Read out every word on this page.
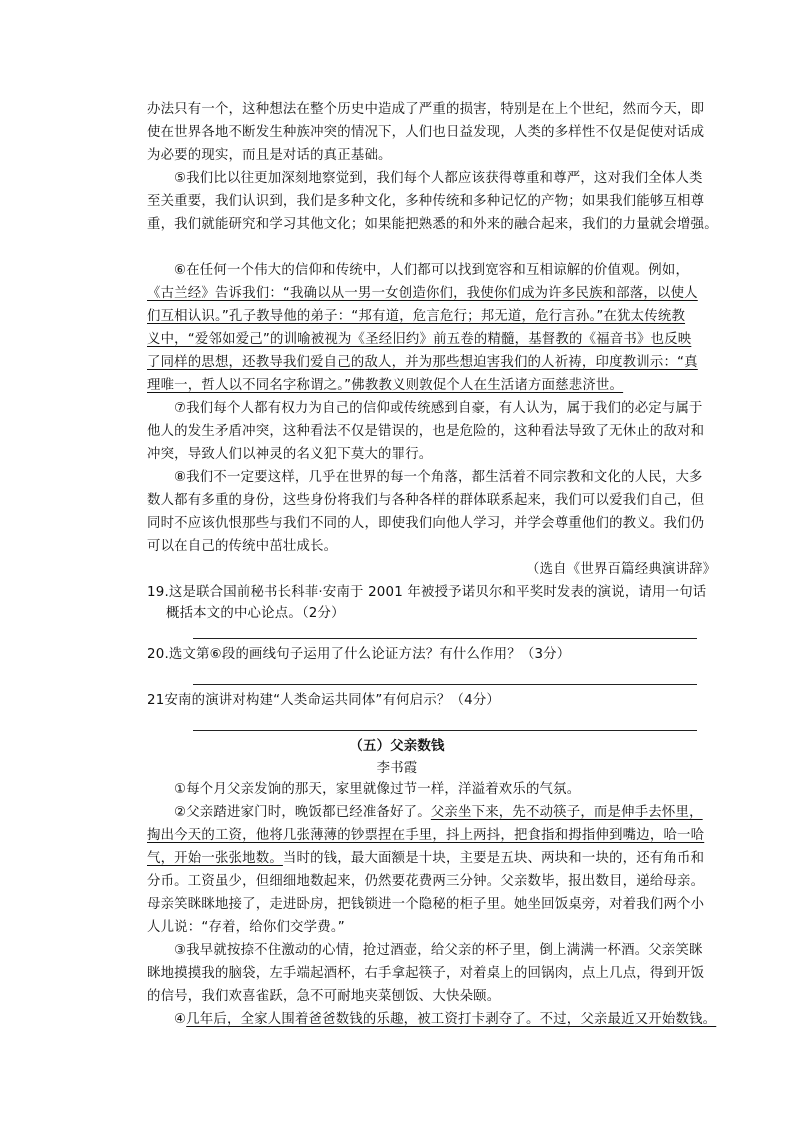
办法只有一个，这种想法在整个历史中造成了严重的损害，特别是在上个世纪，然而今天，即
使在世界各地不断发生种族冲突的情况下，人们也日益发现，人类的多样性不仅是促使对话成
为必要的现实，而且是对话的真正基础。
⑤我们比以往更加深刻地察觉到，我们每个人都应该获得尊重和尊严，这对我们全体人类
至关重要，我们认识到，我们是多种文化，多种传统和多种记忆的产物；如果我们能够互相尊
重，我们就能研究和学习其他文化；如果能把熟悉的和外来的融合起来，我们的力量就会增强。
⑥在任何一个伟大的信仰和传统中，人们都可以找到宽容和互相谅解的价值观。例如，
《古兰经》告诉我们：“我确以从一男一女创造你们，我使你们成为许多民族和部落，以使人
们互相认识。”孔子教导他的弟子：“邦有道，危言危行；邦无道，危行言孙。”在犹太传统教
义中，“爱邻如爱己”的训喻被视为《圣经旧约》前五卷的精髓，基督教的《福音书》也反映
了同样的思想，还教导我们爱自己的敌人，并为那些想迫害我们的人祈祷，印度教训示：“真
理唯一，哲人以不同名字称谓之。”佛教教义则敦促个人在生活诸方面慈悲济世。
⑦我们每个人都有权力为自己的信仰或传统感到自豪，有人认为，属于我们的必定与属于
他人的发生矛盾冲突，这种看法不仅是错误的，也是危险的，这种看法导致了无休止的敌对和
冲突，导致人们以神灵的名义犯下莫大的罪行。
⑧我们不一定要这样，几乎在世界的每一个角落，都生活着不同宗教和文化的人民，大多
数人都有多重的身份，这些身份将我们与各种各样的群体联系起来，我们可以爱我们自己，但
同时不应该仇恨那些与我们不同的人，即使我们向他人学习，并学会尊重他们的教义。我们仍
可以在自己的传统中茁壮成长。
（选自《世界百篇经典演讲辞》
19.这是联合国前秘书长科菲·安南于 2001 年被授予诺贝尔和平奖时发表的演说，请用一句话
概括本文的中心论点。（2分）
20.选文第⑥段的画线句子运用了什么论证方法？有什么作用？（3分）
21安南的演讲对构建“人类命运共同体”有何启示？（4分）
（五）父亲数钱
李书霞
①每个月父亲发饷的那天，家里就像过节一样，洋溢着欢乐的气氛。
②父亲踏进家门时，晚饭都已经准备好了。父亲坐下来，先不动筷子，而是伸手去怀里，
掏出今天的工资，他将几张薄薄的钞票捏在手里，抖上两抖，把食指和拇指伸到嘴边，哈一哈
气，开始一张张地数。当时的钱，最大面额是十块，主要是五块、两块和一块的，还有角币和
分币。工资虽少，但细细地数起来，仍然要花费两三分钟。父亲数毕，报出数目，递给母亲。
母亲笑眯眯地接了，走进卧房，把钱锁进一个隐秘的柜子里。她坐回饭桌旁，对着我们两个小
人儿说：“存着，给你们交学费。”
③我早就按捺不住激动的心情，抢过酒壶，给父亲的杯子里，倒上满满一杯酒。父亲笑眯
眯地摸摸我的脑袋，左手端起酒杯，右手拿起筷子，对着桌上的回锅肉，点上几点，得到开饭
的信号，我们欢喜雀跃，急不可耐地夹菜刨饭、大快朵颐。
④几年后，全家人围着爸爸数钱的乐趣，被工资打卡剥夺了。不过，父亲最近又开始数钱。
